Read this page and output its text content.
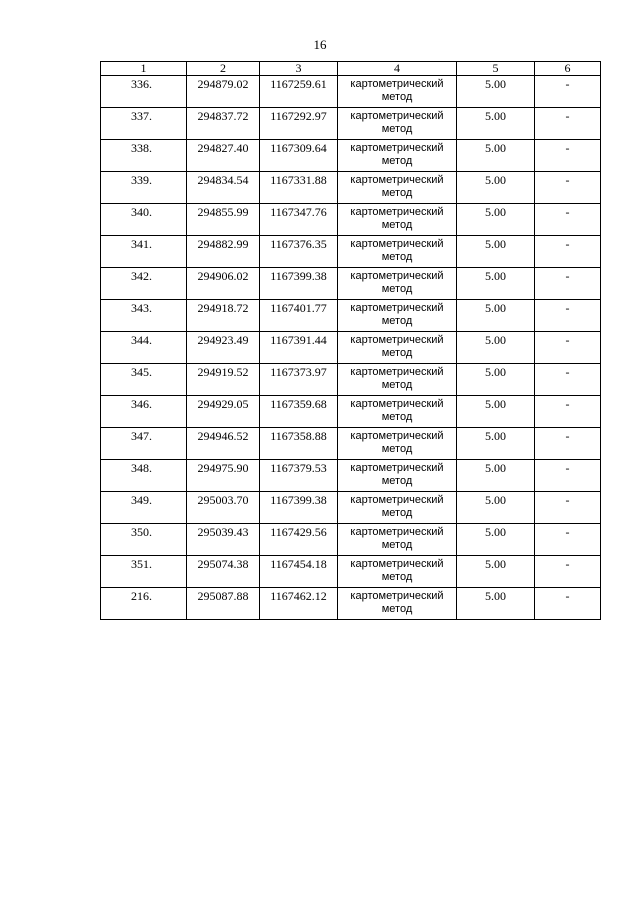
16
1	2	3	4	5	6
336.	294879.02	1167259.61	картометрический метод	5.00	-
337.	294837.72	1167292.97	картометрический метод	5.00	-
338.	294827.40	1167309.64	картометрический метод	5.00	-
339.	294834.54	1167331.88	картометрический метод	5.00	-
340.	294855.99	1167347.76	картометрический метод	5.00	-
341.	294882.99	1167376.35	картометрический метод	5.00	-
342.	294906.02	1167399.38	картометрический метод	5.00	-
343.	294918.72	1167401.77	картометрический метод	5.00	-
344.	294923.49	1167391.44	картометрический метод	5.00	-
345.	294919.52	1167373.97	картометрический метод	5.00	-
346.	294929.05	1167359.68	картометрический метод	5.00	-
347.	294946.52	1167358.88	картометрический метод	5.00	-
348.	294975.90	1167379.53	картометрический метод	5.00	-
349.	295003.70	1167399.38	картометрический метод	5.00	-
350.	295039.43	1167429.56	картометрический метод	5.00	-
351.	295074.38	1167454.18	картометрический метод	5.00	-
216.	295087.88	1167462.12	картометрический метод	5.00	-
